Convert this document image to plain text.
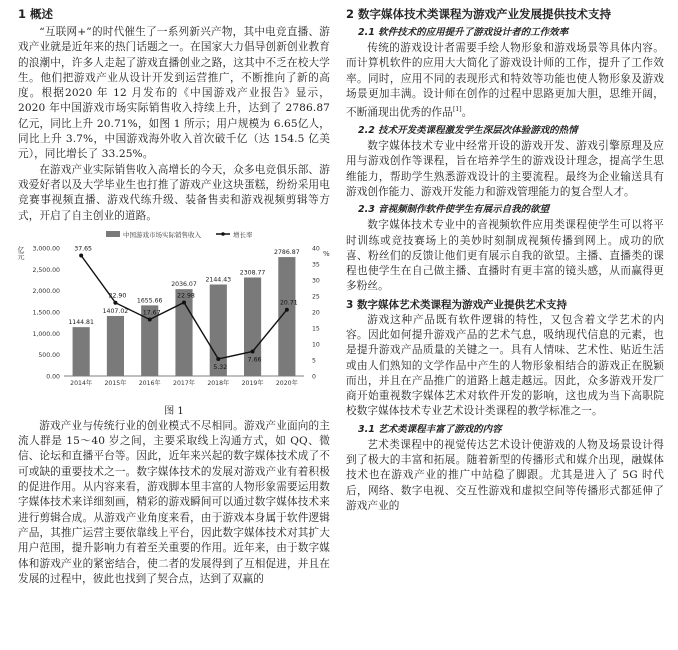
1 概述

“互联网+”的时代催生了一系列新兴产物，其中电竞直播、游戏产业就是近年来的热门话题之一。在国家大力倡导创新创业教育的浪潮中，许多人走起了游戏直播创业之路，这其中不乏在校大学生。他们把游戏产业从设计开发到运营推广，不断推向了新的高度。根据2020 年 12 月发布的《中国游戏产业报告》显示，2020 年中国游戏市场实际销售收入持续上升，达到了 2786.87亿元，同比上升 20.71%，如图 1 所示；用户规模为 6.65亿人，同比上升 3.7%，中国游戏海外收入首次破千亿（达 154.5 亿美元），同比增长了 33.25%。

在游戏产业实际销售收入高增长的今天，众多电竞俱乐部、游戏爱好者以及大学毕业生也打推了游戏产业这块蛋糕，纷纷采用电竞赛事视频直播、游戏代练升级、装备售卖和游戏视频剪辑等方式，开启了自主创业的道路。

中国游戏市场实际销售收入	增长率
亿元	%
0.00
500.00
1,000.00
1,500.00
2,000.00
2,500.00
3,000.00
0
5
10
15
20
25
30
35
40
1144.81
2014年
1407.02
2015年
1655.66
2016年
2036.07
2017年
2144.43
2018年
2308.77
2019年
2786.87
2020年
37.65
22.90
17.67
22.98
5.32
7.66
20.71
图 1

游戏产业与传统行业的创业模式不尽相同。游戏产业面向的主流人群是 15～40 岁之间，主要采取线上沟通方式，如 QQ、微信、论坛和直播平台等。因此，近年来兴起的数字媒体技术成了不可或缺的重要技术之一。数字媒体技术的发展对游戏产业有着积极的促进作用。从内容来看，游戏脚本里丰富的人物形象需要运用数字媒体技术来详细刻画，精彩的游戏瞬间可以通过数字媒体技术来进行剪辑合成。从游戏产业角度来看，由于游戏本身属于软件逻辑产品，其推广运营主要依靠线上平台，因此数字媒体技术对其扩大用户范围，提升影响力有着至关重要的作用。近年来，由于数字媒体和游戏产业的紧密结合，使二者的发展得到了互相促进，并且在发展的过程中，彼此也找到了契合点，达到了双赢的

2 数字媒体技术类课程为游戏产业发展提供技术支持
2.1 软件技术的应用提升了游戏设计者的工作效率

传统的游戏设计者需要手绘人物形象和游戏场景等具体内容。而计算机软件的应用大大简化了游戏设计师的工作，提升了工作效率。同时，应用不同的表现形式和特效等功能也使人物形象及游戏场景更加丰满。设计师在创作的过程中思路更加大胆，思维开阔，不断涌现出优秀的作品[1]。

2.2 技术开发类课程激发学生深层次体验游戏的热情

数字媒体技术专业中经常开设的游戏开发、游戏引擎原理及应用与游戏创作等课程，旨在培养学生的游戏设计理念，提高学生思维能力，帮助学生熟悉游戏设计的主要流程。最终为企业输送具有游戏创作能力、游戏开发能力和游戏管理能力的复合型人才。

2.3 音视频制作软件使学生有展示自我的欲望

数字媒体技术专业中的音视频软件应用类课程使学生可以将平时训练或竞技赛场上的美妙时刻制成视频传播到网上。成功的欣喜、粉丝们的反馈让他们更有展示自我的欲望。主播、直播类的课程也使学生在自己做主播、直播时有更丰富的镜头感，从而赢得更多粉丝。

3 数字媒体艺术类课程为游戏产业提供艺术支持

游戏这种产品既有软件逻辑的特性，又包含着文学艺术的内容。因此如何提升游戏产品的艺术气息，吸纳现代信息的元素，也是提升游戏产品质量的关键之一。具有人情味、艺术性、贴近生活或由人们熟知的文学作品中产生的人物形象相结合的游戏正在脱颖而出，并且在产品推广的道路上越走越远。因此，众多游戏开发厂商开始重视数字媒体艺术对软件开发的影响，这也成为当下高职院校数字媒体技术专业艺术设计类课程的教学标准之一。

3.1 艺术类课程丰富了游戏的内容

艺术类课程中的视觉传达艺术设计使游戏的人物及场景设计得到了极大的丰富和拓展。随着新型的传播形式和媒介出现，融媒体技术也在游戏产业的推广中站稳了脚跟。尤其是进入了 5G 时代后，网络、数字电视、交互性游戏和虚拟空间等传播形式都延伸了游戏产业的
